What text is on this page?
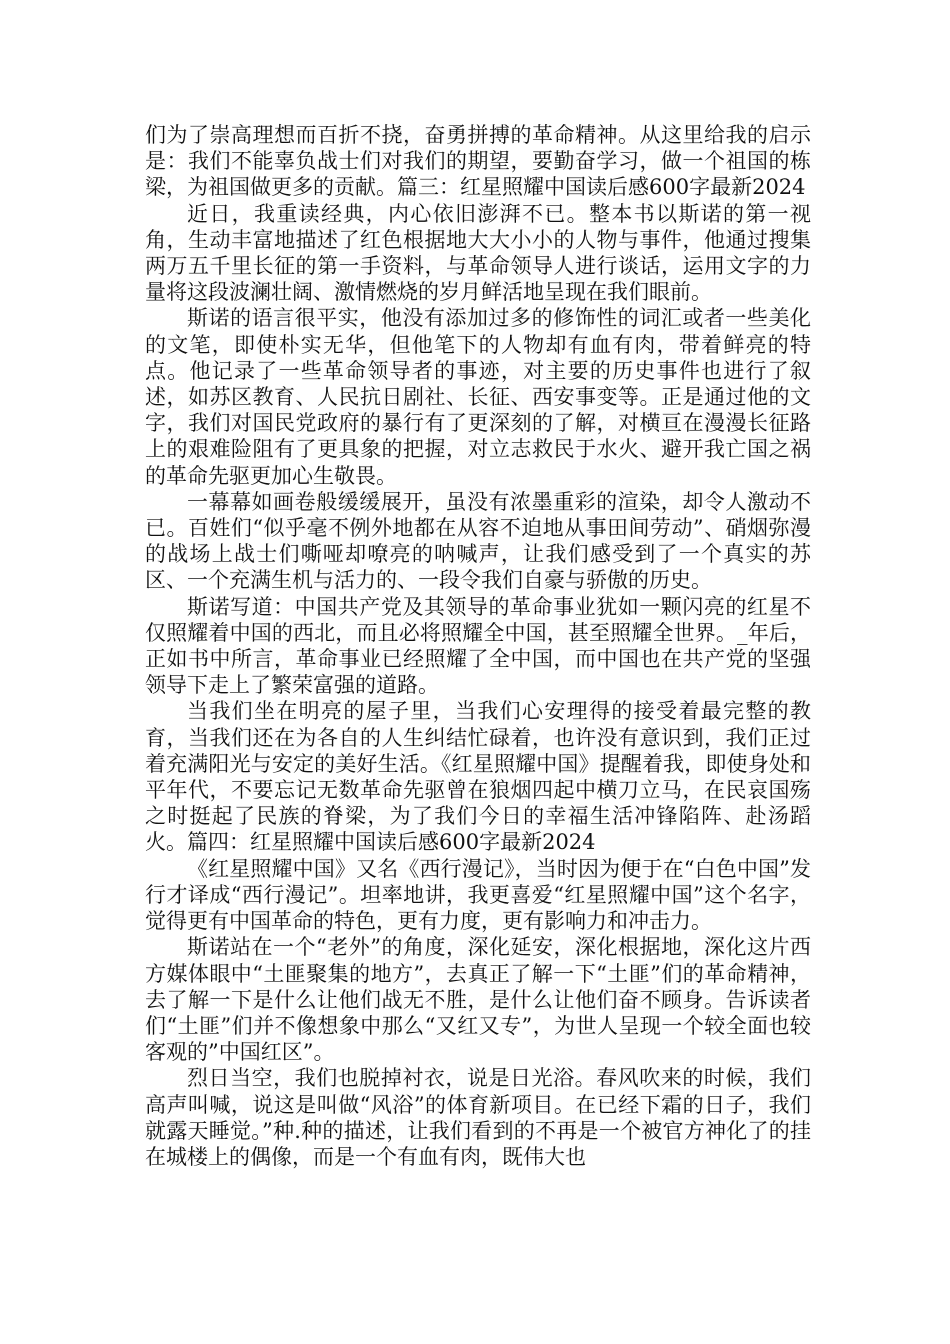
们为了崇高理想而百折不挠，奋勇拼搏的革命精神。从这里给我的启示是：我们不能辜负战士们对我们的期望，要勤奋学习，做一个祖国的栋梁，为祖国做更多的贡献。篇三：红星照耀中国读后感600字最新2024

近日，我重读经典，内心依旧澎湃不已。整本书以斯诺的第一视角，生动丰富地描述了红色根据地大大小小的人物与事件，他通过搜集两万五千里长征的第一手资料，与革命领导人进行谈话，运用文字的力量将这段波澜壮阔、激情燃烧的岁月鲜活地呈现在我们眼前。

斯诺的语言很平实，他没有添加过多的修饰性的词汇或者一些美化的文笔，即使朴实无华，但他笔下的人物却有血有肉，带着鲜亮的特点。他记录了一些革命领导者的事迹，对主要的历史事件也进行了叙述，如苏区教育、人民抗日剧社、长征、西安事变等。正是通过他的文字，我们对国民党政府的暴行有了更深刻的了解，对横亘在漫漫长征路上的艰难险阻有了更具象的把握，对立志救民于水火、避开我亡国之祸的革命先驱更加心生敬畏。

一幕幕如画卷般缓缓展开，虽没有浓墨重彩的渲染，却令人激动不已。百姓们“似乎毫不例外地都在从容不迫地从事田间劳动”、硝烟弥漫的战场上战士们嘶哑却嘹亮的呐喊声，让我们感受到了一个真实的苏区、一个充满生机与活力的、一段令我们自豪与骄傲的历史。

斯诺写道：中国共产党及其领导的革命事业犹如一颗闪亮的红星不仅照耀着中国的西北，而且必将照耀全中国，甚至照耀全世界。_年后，正如书中所言，革命事业已经照耀了全中国，而中国也在共产党的坚强领导下走上了繁荣富强的道路。

当我们坐在明亮的屋子里，当我们心安理得的接受着最完整的教育，当我们还在为各自的人生纠结忙碌着，也许没有意识到，我们正过着充满阳光与安定的美好生活。《红星照耀中国》提醒着我，即使身处和平年代，不要忘记无数革命先驱曾在狼烟四起中横刀立马，在民哀国殇之时挺起了民族的脊梁，为了我们今日的幸福生活冲锋陷阵、赴汤蹈火。篇四：红星照耀中国读后感600字最新2024

《红星照耀中国》又名《西行漫记》，当时因为便于在“白色中国”发行才译成“西行漫记”。坦率地讲，我更喜爱“红星照耀中国”这个名字，觉得更有中国革命的特色，更有力度，更有影响力和冲击力。

斯诺站在一个“老外”的角度，深化延安，深化根据地，深化这片西方媒体眼中“土匪聚集的地方”，去真正了解一下“土匪”们的革命精神，去了解一下是什么让他们战无不胜，是什么让他们奋不顾身。告诉读者们“土匪”们并不像想象中那么“又红又专”，为世人呈现一个较全面也较客观的”中国红区”。

烈日当空，我们也脱掉衬衣，说是日光浴。春风吹来的时候，我们高声叫喊，说这是叫做“风浴”的体育新项目。在已经下霜的日子，我们就露天睡觉。”种.种的描述，让我们看到的不再是一个被官方神化了的挂在城楼上的偶像，而是一个有血有肉，既伟大也
